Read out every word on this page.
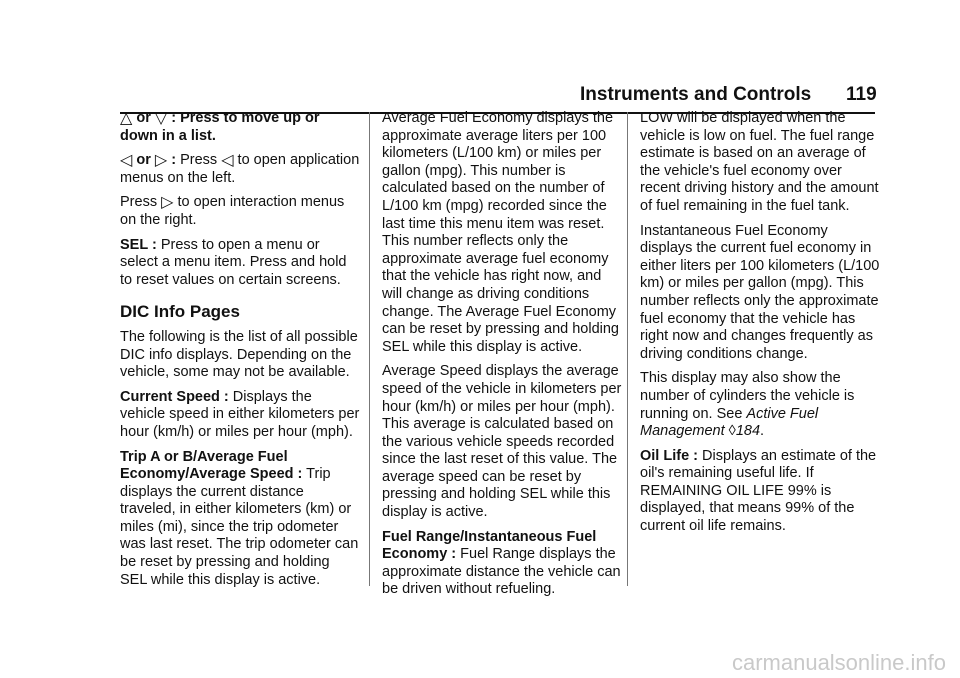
Instruments and Controls 119

△ or ▽ : Press to move up or down in a list.

◁ or ▷ : Press ◁ to open application menus on the left.

Press ▷ to open interaction menus on the right.

SEL : Press to open a menu or select a menu item. Press and hold to reset values on certain screens.

DIC Info Pages

The following is the list of all possible DIC info displays. Depending on the vehicle, some may not be available.

Current Speed : Displays the vehicle speed in either kilometers per hour (km/h) or miles per hour (mph).

Trip A or B/Average Fuel Economy/Average Speed : Trip displays the current distance traveled, in either kilometers (km) or miles (mi), since the trip odometer was last reset. The trip odometer can be reset by pressing and holding SEL while this display is active.

Average Fuel Economy displays the approximate average liters per 100 kilometers (L/100 km) or miles per gallon (mpg). This number is calculated based on the number of L/100 km (mpg) recorded since the last time this menu item was reset. This number reflects only the approximate average fuel economy that the vehicle has right now, and will change as driving conditions change. The Average Fuel Economy can be reset by pressing and holding SEL while this display is active.

Average Speed displays the average speed of the vehicle in kilometers per hour (km/h) or miles per hour (mph). This average is calculated based on the various vehicle speeds recorded since the last reset of this value. The average speed can be reset by pressing and holding SEL while this display is active.

Fuel Range/Instantaneous Fuel Economy : Fuel Range displays the approximate distance the vehicle can be driven without refueling.

LOW will be displayed when the vehicle is low on fuel. The fuel range estimate is based on an average of the vehicle's fuel economy over recent driving history and the amount of fuel remaining in the fuel tank.

Instantaneous Fuel Economy displays the current fuel economy in either liters per 100 kilometers (L/100 km) or miles per gallon (mpg). This number reflects only the approximate fuel economy that the vehicle has right now and changes frequently as driving conditions change.

This display may also show the number of cylinders the vehicle is running on. See Active Fuel Management ◊184.

Oil Life : Displays an estimate of the oil's remaining useful life. If REMAINING OIL LIFE 99% is displayed, that means 99% of the current oil life remains.

carmanualsonline.info
